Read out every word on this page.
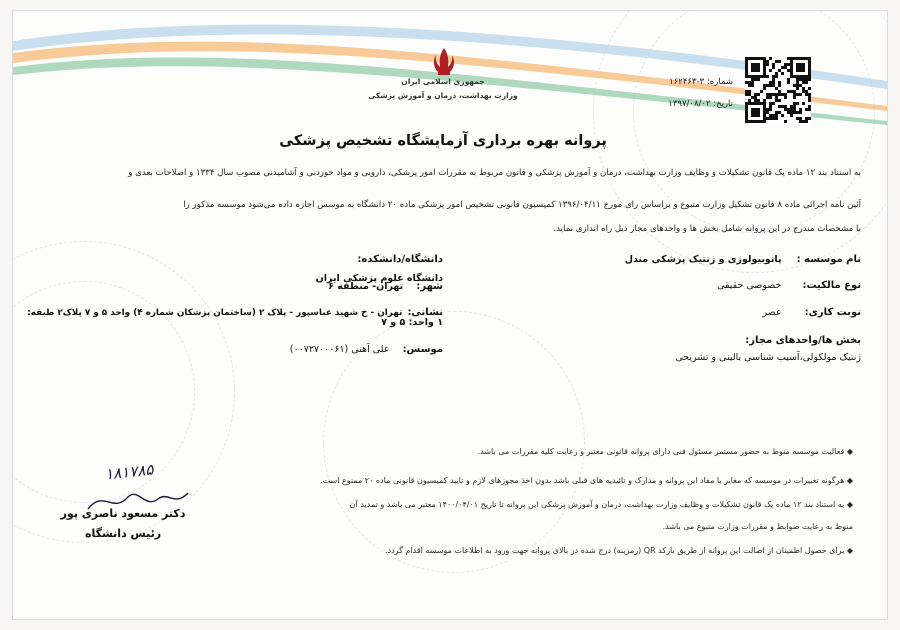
جمهوری اسلامی ایران
وزارت بهداشت، درمان و آموزش پزشکی
شماره: ۳-۱۶۲۴۶۳
تاریخ: ۱۳۹۷/۰۸/۰۲
پروانه بهره برداری آزمایشگاه تشخیص پزشکی
به استناد بند ۱۲ ماده یک قانون تشکیلات و وظایف وزارت بهداشت، درمان و آموزش پزشکی و قانون مربوط به مقررات امور پزشکی، دارویی و مواد خوردنی و آشامیدنی مصوب سال ۱۳۳۴ و اصلاحات بعدی و
آئین نامه اجرائی ماده ۸ قانون تشکیل وزارت متبوع و براساس رای مورخ ۱۳۹۶/۰۴/۱۱ کمیسیون قانونی تشخیص امور پزشکی ماده ۲۰ دانشگاه به موسس اجازه داده می‌شود موسسه مذکور را
با مشخصات مندرج در این پروانه شامل بخش ها و واحدهای مجاز ذیل راه اندازی نماید.
نام موسسه : پاتوبیولوژی و ژنتیک پزشکی مندل
نوع مالکیت: خصوصی حقیقی
نوبت کاری: عصر
بخش ها/واحدهای مجاز:
ژنتیک مولکولی،آسیب شناسی بالینی و تشریحی
دانشگاه/دانشکده: دانشگاه علوم پزشکی ایران
شهر: تهران- منطقه ۶
نشانی: تهران - خ شهید عباسپور - پلاک ۲ (ساختمان پزشکان شماره ۴) واحد ۵ و ۷ پلاک۲ طبقه:
۱ واحد: ۵ و ۷
موسس: علی آهنی (۰۰۷۲۷۰۰۰۶۱)
◆ فعالیت موسسه منوط به حضور مستمر مسئول فنی دارای پروانه قانونی معتبر و رعایت کلیه مقررات می باشد.
◆ هرگونه تغییرات در موسسه که مغایر با مفاد این پروانه و مدارک و تائیدیه های قبلی باشد بدون اخذ مجوزهای لازم و تایید کمیسیون قانونی ماده ۲۰ ممنوع است.
◆ به استناد بند ۱۲ ماده یک قانون تشکیلات و وظایف وزارت بهداشت، درمان و آموزش پزشکی این پروانه تا تاریخ ۱۴۰۰/۰۴/۰۱ معتبر می باشد و تمدید آن
منوط به رعایت ضوابط و مقررات وزارت متبوع می باشد.
◆ برای حصول اطمینان از اصالت این پروانه از طریق بارکد QR (رمزینه) درج شده در بالای پروانه جهت ورود به اطلاعات موسسه اقدام گردد.
۱۸۱۷۸۵
دکتر مسعود ناصری پور
رئیس دانشگاه
